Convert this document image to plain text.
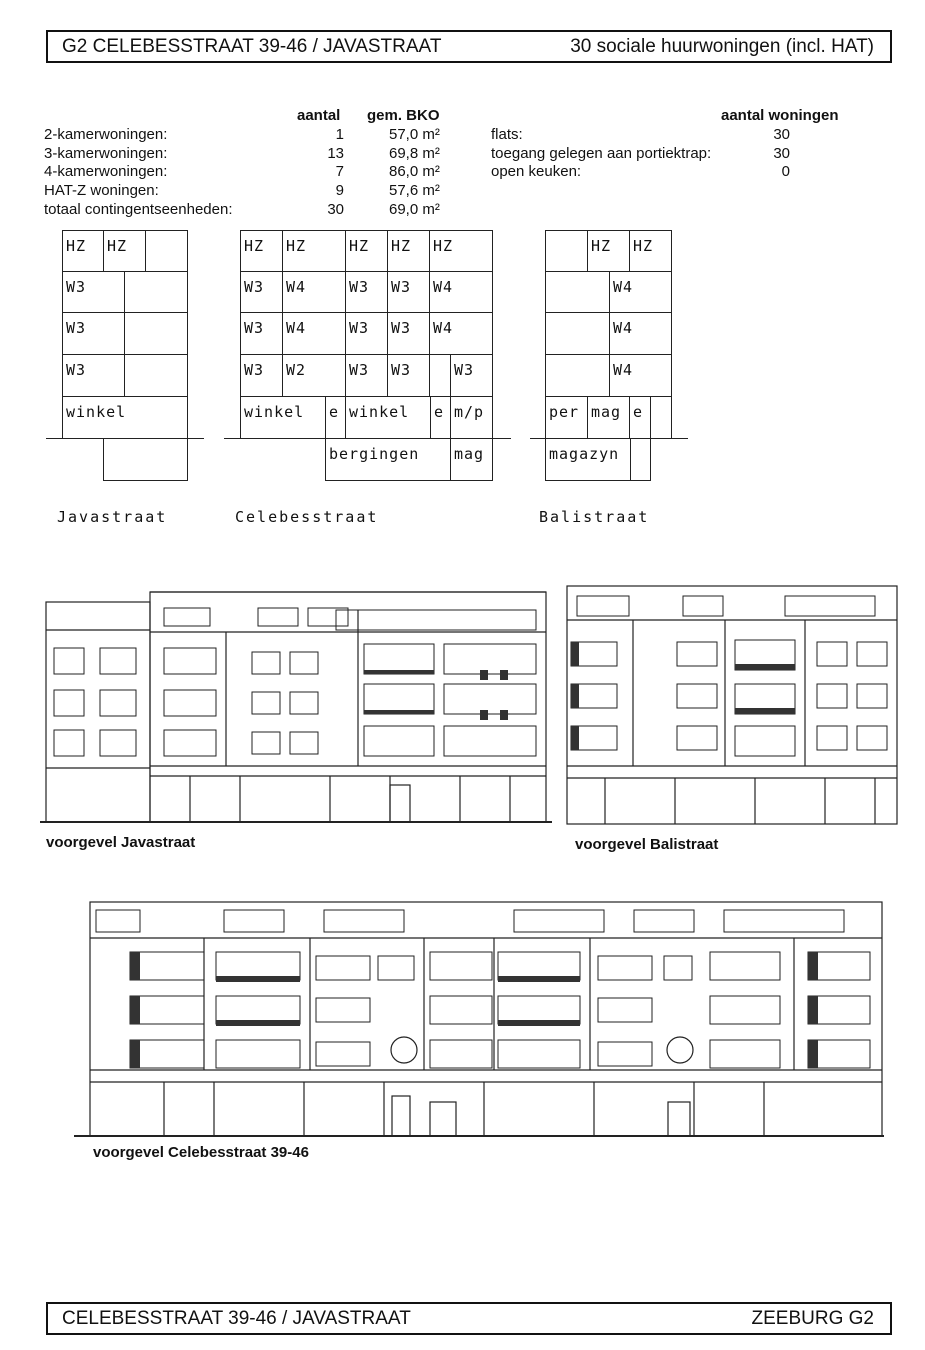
G2 CELEBESSTRAAT 39-46 / JAVASTRAAT	30 sociale huurwoningen (incl. HAT)
aantal gem. BKO
2-kamerwoningen:	1	57,0 m²
3-kamerwoningen:	13	69,8 m²
4-kamerwoningen:	7	86,0 m²
HAT-Z woningen:	9	57,6 m²
totaal contingentseenheden:	30	69,0 m²
aantal woningen
flats:	30
toegang gelegen aan portiektrap:	30
open keuken:	0
HZ	HZ
W3
W3
W3
winkel
HZ	HZ	HZ	HZ	HZ
W3	W4	W3	W3	W4
W3	W4	W3	W3	W4
W3	W2	W3	W3	W3
winkel	e winkel	e m/p
bergingen	mag
HZ	HZ
W4
W4
W4
per mag e
magazyn
Javastraat	Celebesstraat	Balistraat
voorgevel Javastraat	voorgevel Balistraat
voorgevel Celebesstraat 39-46
CELEBESSTRAAT 39-46 / JAVASTRAAT	ZEEBURG G2
